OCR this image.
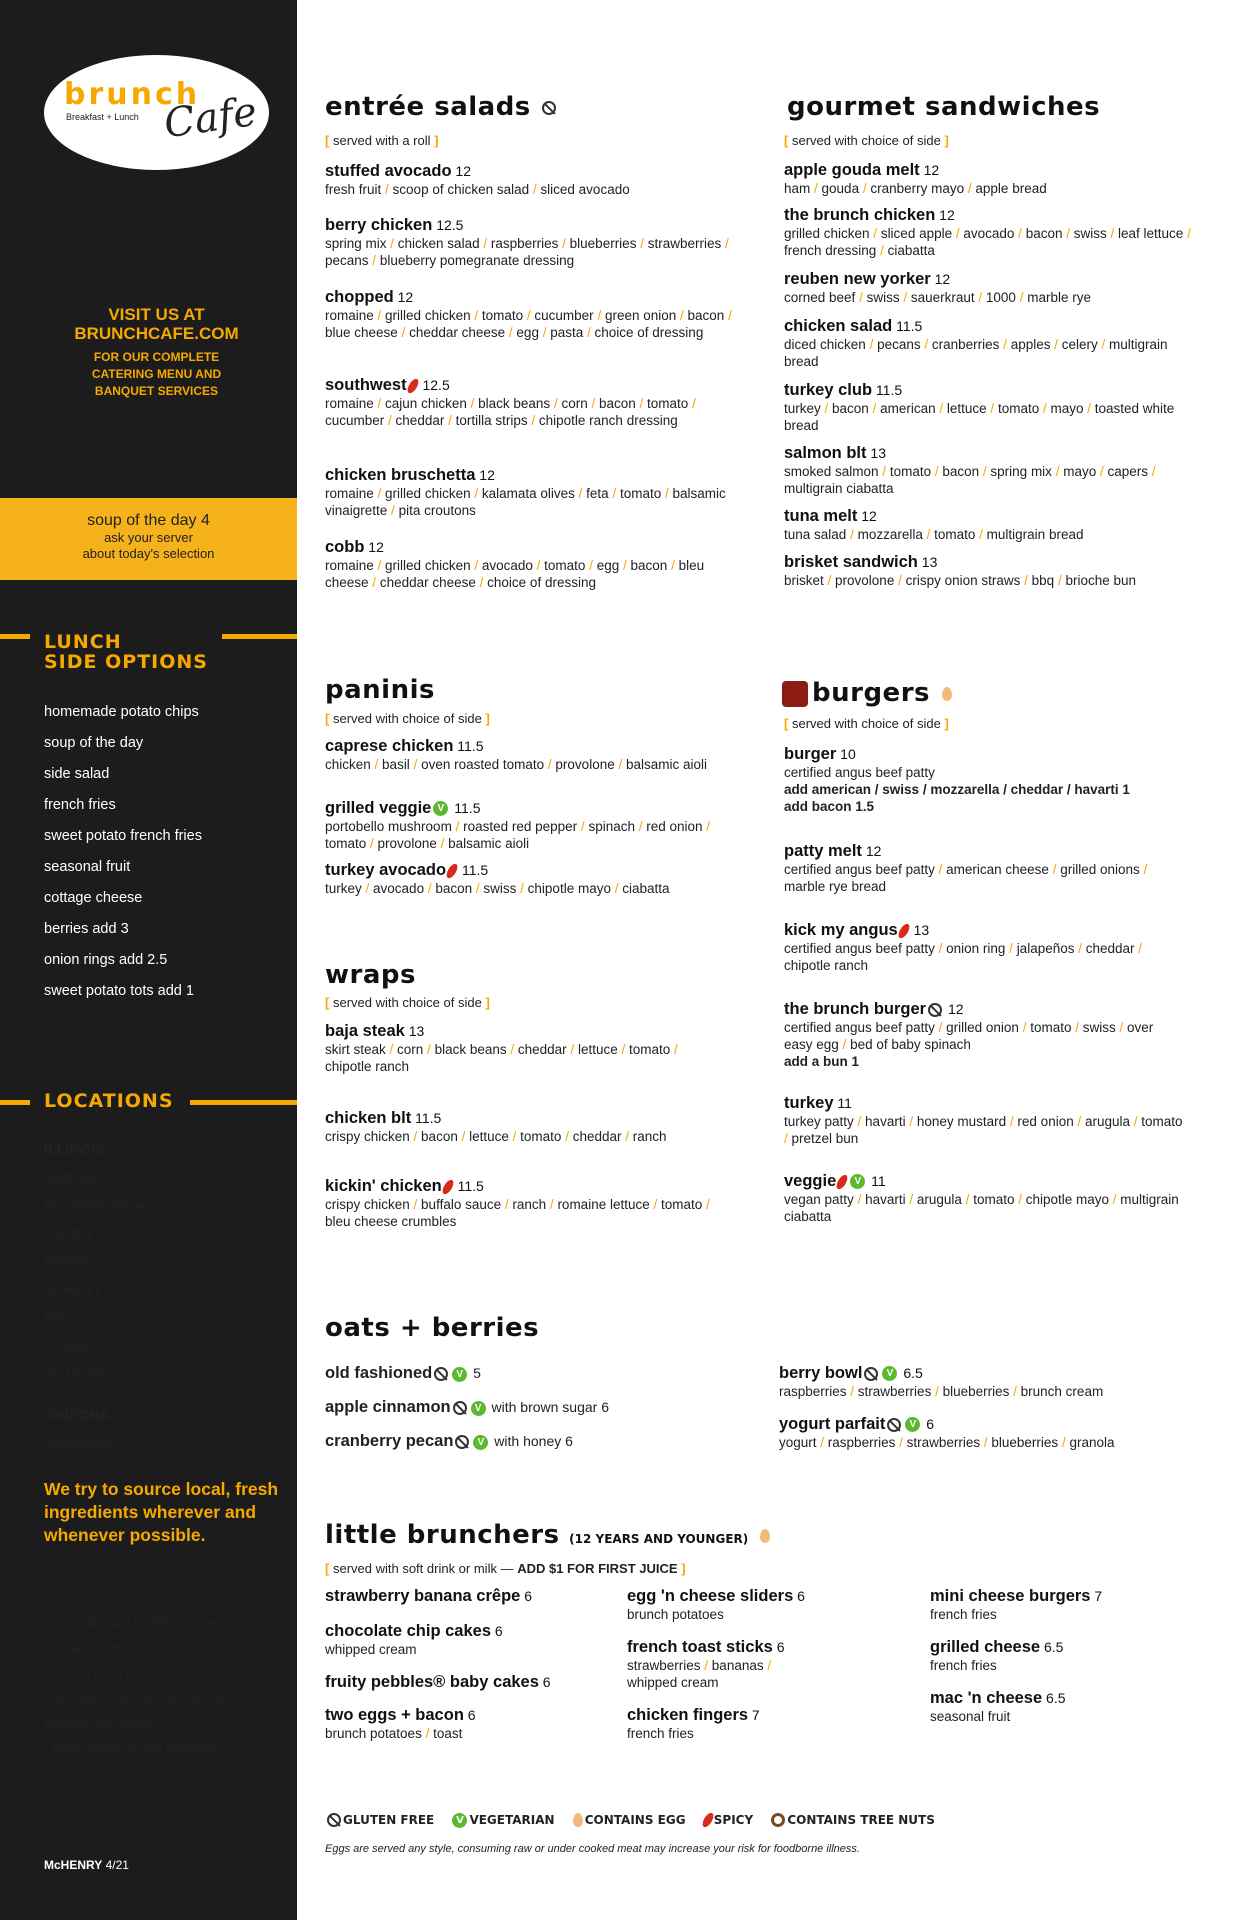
brunch
Breakfast + Lunch Cafe
VISIT US AT
BRUNCHCAFE.COM
FOR OUR COMPLETE
CATERING MENU AND
BANQUET SERVICES
soup of the day 4
ask your server
about today's selection
LUNCH
SIDE OPTIONS
homemade potato chips
soup of the day
side salad
french fries
sweet potato french fries
seasonal fruit
cottage cheese
berries add 3
onion rings add 2.5
sweet potato tots add 1
LOCATIONS
ILLINOIS
Addison
Fox River Grove
Huntley
Kildeer
McHenry
Niles
Roselle
St. Charles
ARIZONA
Scottsdale
We try to source local, fresh ingredients wherever and whenever possible.
• No antibiotics EVER chicken
• Organic Coffee
• Local Loose Leaf Teas
• No High Fructose Corn Syrup Ketchup and Syrup
• 100% Maple Syrup Available
McHENRY 4/21
entrée salads
[ served with a roll ]
stuffed avocado 12
fresh fruit / scoop of chicken salad / sliced avocado
berry chicken 12.5
spring mix / chicken salad / raspberries / blueberries / strawberries / pecans / blueberry pomegranate dressing
chopped 12
romaine / grilled chicken / tomato / cucumber / green onion / bacon / blue cheese / cheddar cheese / egg / pasta / choice of dressing
southwest 12.5
romaine / cajun chicken / black beans / corn / bacon / tomato / cucumber / cheddar / tortilla strips / chipotle ranch dressing
chicken bruschetta 12
romaine / grilled chicken / kalamata olives / feta / tomato / balsamic vinaigrette / pita croutons
cobb 12
romaine / grilled chicken / avocado / tomato / egg / bacon / bleu cheese / cheddar cheese / choice of dressing
gourmet sandwiches
[ served with choice of side ]
apple gouda melt 12
ham / gouda / cranberry mayo / apple bread
the brunch chicken 12
grilled chicken / sliced apple / avocado / bacon / swiss / leaf lettuce / french dressing / ciabatta
reuben new yorker 12
corned beef / swiss / sauerkraut / 1000 / marble rye
chicken salad 11.5
diced chicken / pecans / cranberries / apples / celery / multigrain bread
turkey club 11.5
turkey / bacon / american / lettuce / tomato / mayo / toasted white bread
salmon blt 13
smoked salmon / tomato / bacon / spring mix / mayo / capers / multigrain ciabatta
tuna melt 12
tuna salad / mozzarella / tomato / multigrain bread
brisket sandwich 13
brisket / provolone / crispy onion straws / bbq / brioche bun
paninis
[ served with choice of side ]
caprese chicken 11.5
chicken / basil / oven roasted tomato / provolone / balsamic aioli
grilled veggie V 11.5
portobello mushroom / roasted red pepper / spinach / red onion / tomato / provolone / balsamic aioli
turkey avocado 11.5
turkey / avocado / bacon / swiss / chipotle mayo / ciabatta
burgers
[ served with choice of side ]
burger 10
certified angus beef patty
add american / swiss / mozzarella / cheddar / havarti 1
add bacon 1.5
patty melt 12
certified angus beef patty / american cheese / grilled onions / marble rye bread
kick my angus 13
certified angus beef patty / onion ring / jalapeños / cheddar / chipotle ranch
the brunch burger 12
certified angus beef patty / grilled onion / tomato / swiss / over easy egg / bed of baby spinach
add a bun 1
turkey 11
turkey patty / havarti / honey mustard / red onion / arugula / tomato / pretzel bun
veggie V 11
vegan patty / havarti / arugula / tomato / chipotle mayo / multigrain ciabatta
wraps
[ served with choice of side ]
baja steak 13
skirt steak / corn / black beans / cheddar / lettuce / tomato / chipotle ranch
chicken blt 11.5
crispy chicken / bacon / lettuce / tomato / cheddar / ranch
kickin' chicken 11.5
crispy chicken / buffalo sauce / ranch / romaine lettuce / tomato / bleu cheese crumbles
oats + berries
old fashioned V 5
apple cinnamon V with brown sugar 6
cranberry pecan V with honey 6
berry bowl V 6.5
raspberries / strawberries / blueberries / brunch cream
yogurt parfait V 6
yogurt / raspberries / strawberries / blueberries / granola
little brunchers (12 YEARS AND YOUNGER)
[ served with soft drink or milk — ADD $1 FOR FIRST JUICE ]
strawberry banana crêpe 6
chocolate chip cakes 6
whipped cream
fruity pebbles® baby cakes 6
two eggs + bacon 6
brunch potatoes / toast
egg 'n cheese sliders 6
brunch potatoes
french toast sticks 6
strawberries / bananas / whipped cream
chicken fingers 7
french fries
mini cheese burgers 7
french fries
grilled cheese 6.5
french fries
mac 'n cheese 6.5
seasonal fruit
GLUTEN FREE V VEGETARIAN	CONTAINS EGG SPICY	CONTAINS TREE NUTS
Eggs are served any style, consuming raw or under cooked meat may increase your risk for foodborne illness.
